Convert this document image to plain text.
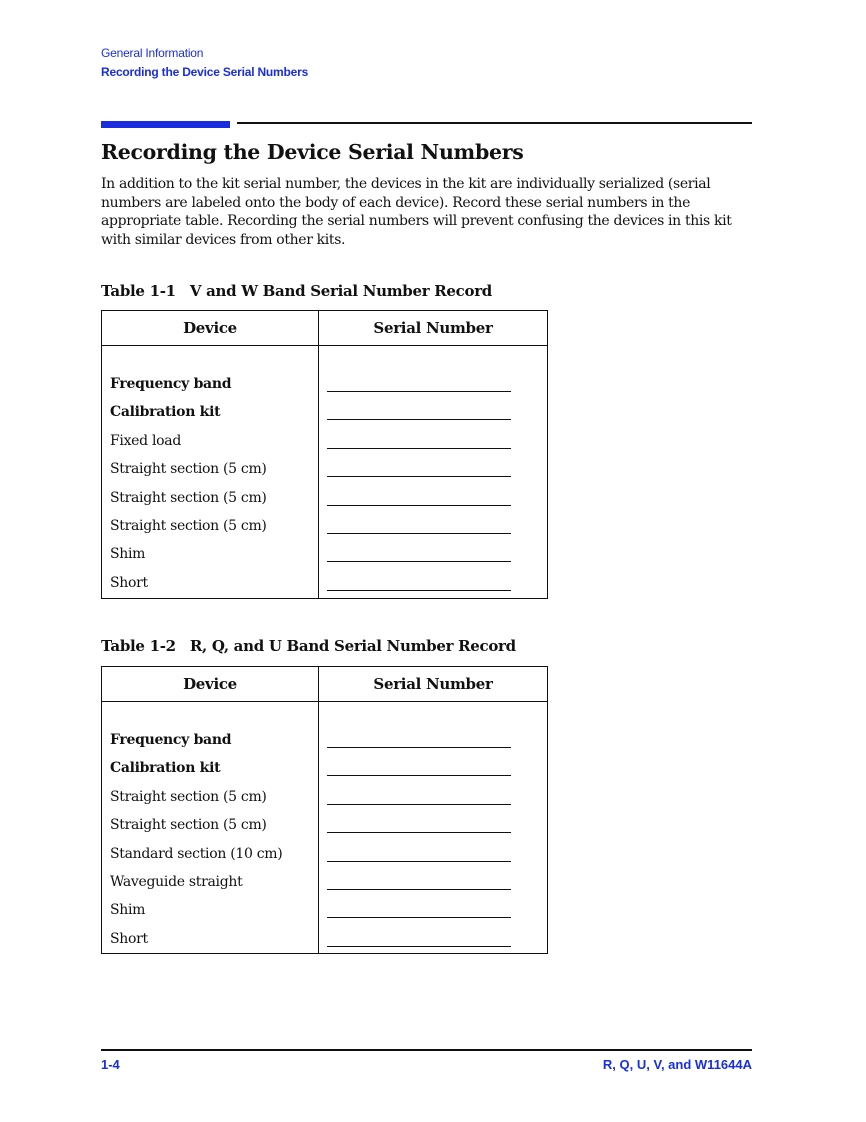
General Information
Recording the Device Serial Numbers
Recording the Device Serial Numbers

In addition to the kit serial number, the devices in the kit are individually serialized (serial numbers are labeled onto the body of each device). Record these serial numbers in the appropriate table. Recording the serial numbers will prevent confusing the devices in this kit with similar devices from other kits.

Table 1-1 V and W Band Serial Number Record
Device	Serial Number
Frequency band
Calibration kit
Fixed load
Straight section (5 cm)
Straight section (5 cm)
Straight section (5 cm)
Shim
Short
Table 1-2 R, Q, and U Band Serial Number Record
Device	Serial Number
Frequency band
Calibration kit
Straight section (5 cm)
Straight section (5 cm)
Standard section (10 cm)
Waveguide straight
Shim
Short
1-4	R, Q, U, V, and W11644A
